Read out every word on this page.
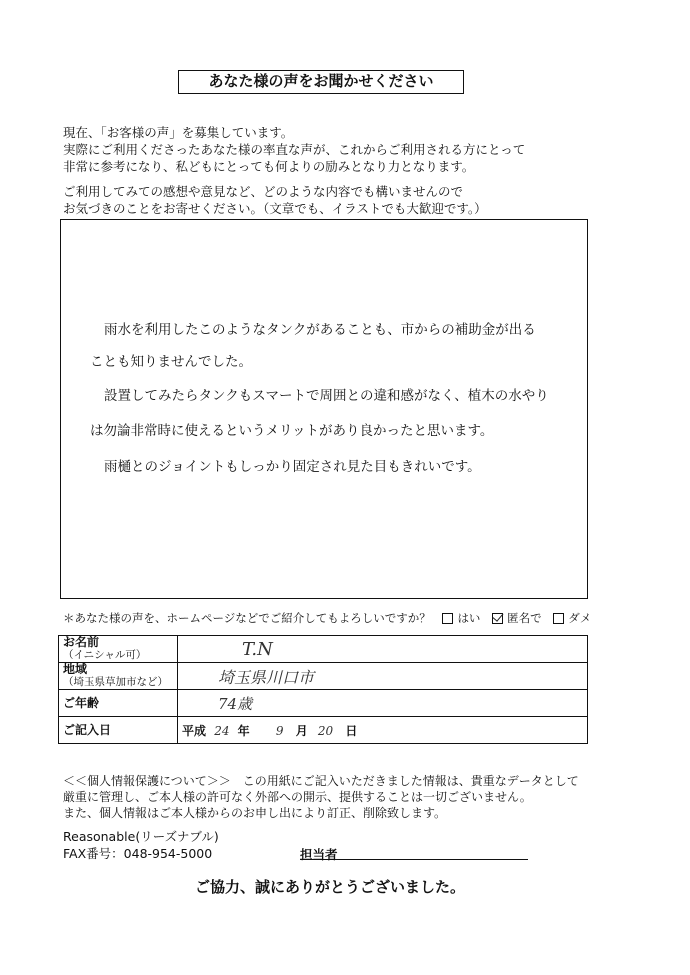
あなた様の声をお聞かせください
現在、「お客様の声」を募集しています。
実際にご利用くださったあなた様の率直な声が、これからご利用される方にとって
非常に参考になり、私どもにとっても何よりの励みとなり力となります。
ご利用してみての感想や意見など、どのような内容でも構いませんので
お気づきのことをお寄せください。（文章でも、イラストでも大歓迎です。）
雨水を利用したこのようなタンクがあることも、市からの補助金が出る
ことも知りませんでした。
設置してみたらタンクもスマートで周囲との違和感がなく、植木の水やり
は勿論非常時に使えるというメリットがあり良かったと思います。
雨樋とのジョイントもしっかり固定され見た目もきれいです。
＊あなた様の声を、ホームページなどでご紹介してもよろしいですか？ はい 匿名で ダメ
お名前
（イニシャル可）	T.N

地域
（埼玉県草加市など）	埼玉県川口市

ご年齢	74歳

ご記入日	平成 24 年 9 月 20 日
＜＜個人情報保護について＞＞　この用紙にご記入いただきました情報は、貴重なデータとして
厳重に管理し、ご本人様の許可なく外部への開示、提供することは一切ございません。
また、個人情報はご本人様からのお申し出により訂正、削除致します。
Reasonable(リーズナブル)
FAX番号：048-954-5000	担当者
ご協力、誠にありがとうございました。
